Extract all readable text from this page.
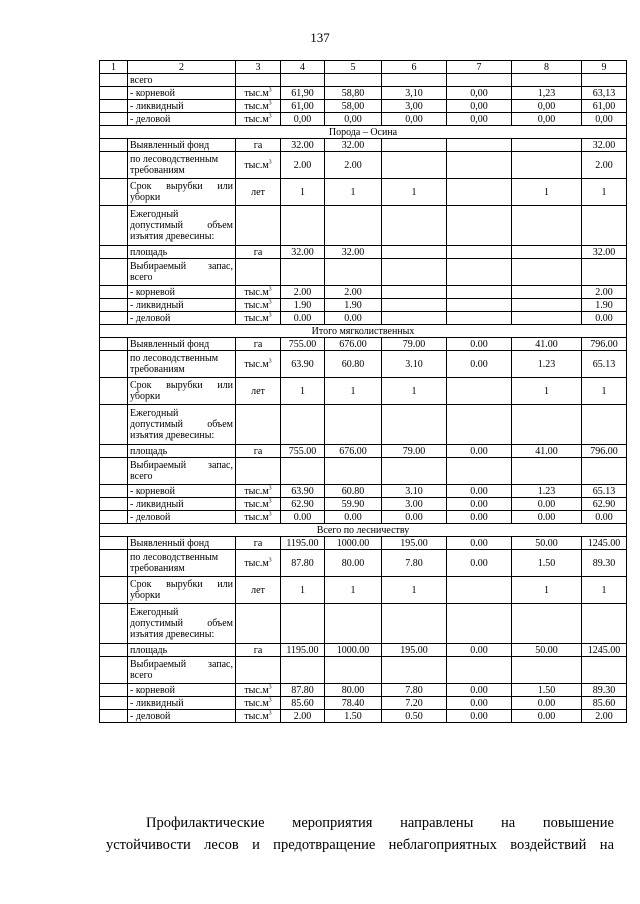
137
1	2	3	4	5	6	7	8	9
	всего							
	- корневой	$тыс.м^3$	61,90	58,80	3,10	0,00	1,23	63,13
	- ликвидный	$тыс.м^3$	61,00	58,00	3,00	0,00	0,00	61,00
	- деловой	$тыс.м^3$	0,00	0,00	0,00	0,00	0,00	0,00
Порода – Осина								
	Выявленный фонд	га	32.00	32.00				32.00
	по лесоводственным требованиям	$тыс.м^3$	2.00	2.00				2.00
	Срок вырубки или уборки	лет	1	1	1		1	1
	Ежегодный допустимый объем изъятия древесины:							
	площадь	га	32.00	32.00				32.00
	Выбираемый запас, всего							
	- корневой	$тыс.м^3$	2.00	2.00				2.00
	- ликвидный	$тыс.м^3$	1.90	1.90				1.90
	- деловой	$тыс.м^3$	0.00	0.00				0.00
Итого мягколиственных								
	Выявленный фонд	га	755.00	676.00	79.00	0.00	41.00	796.00
	по лесоводственным требованиям	$тыс.м^3$	63.90	60.80	3.10	0.00	1.23	65.13
	Срок вырубки или уборки	лет	1	1	1		1	1
	Ежегодный допустимый объем изъятия древесины:							
	площадь	га	755.00	676.00	79.00	0.00	41.00	796.00
	Выбираемый запас, всего							
	- корневой	$тыс.м^3$	63.90	60.80	3.10	0.00	1.23	65.13
	- ликвидный	$тыс.м^3$	62.90	59.90	3.00	0.00	0.00	62.90
	- деловой	$тыс.м^3$	0.00	0.00	0.00	0.00	0.00	0.00
Всего по лесничеству								
	Выявленный фонд	га	1195.00	1000.00	195.00	0.00	50.00	1245.00
	по лесоводственным требованиям	$тыс.м^3$	87.80	80.00	7.80	0.00	1.50	89.30
	Срок вырубки или уборки	лет	1	1	1		1	1
	Ежегодный допустимый объем изъятия древесины:							
	площадь	га	1195.00	1000.00	195.00	0.00	50.00	1245.00
	Выбираемый запас, всего							
	- корневой	$тыс.м^3$	87.80	80.00	7.80	0.00	1.50	89.30
	- ликвидный	$тыс.м^3$	85.60	78.40	7.20	0.00	0.00	85.60
	- деловой	$тыс.м^3$	2.00	1.50	0.50	0.00	0.00	2.00
Профилактические мероприятия направлены на повышение
устойчивости лесов и предотвращение неблагоприятных воздействий на
